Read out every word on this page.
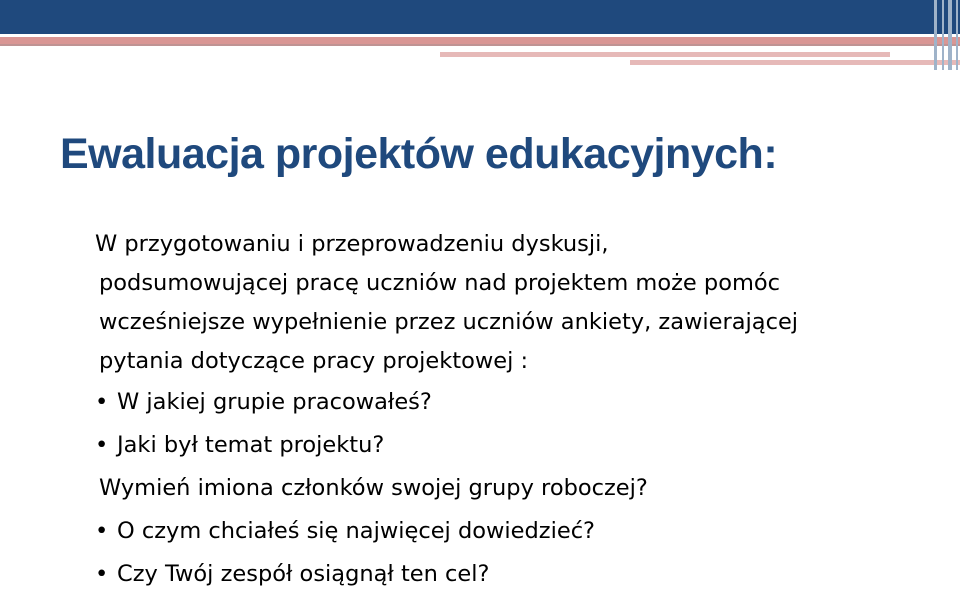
Ewaluacja projektów edukacyjnych:

W przygotowaniu i przeprowadzeniu dyskusji,
podsumowującej pracę uczniów nad projektem może pomóc
wcześniejsze wypełnienie przez uczniów ankiety, zawierającej
pytania dotyczące pracy projektowej :

• W jakiej grupie pracowałeś?
• Jaki był temat projektu?
Wymień imiona członków swojej grupy roboczej?
• O czym chciałeś się najwięcej dowiedzieć?
• Czy Twój zespół osiągnął ten cel?
